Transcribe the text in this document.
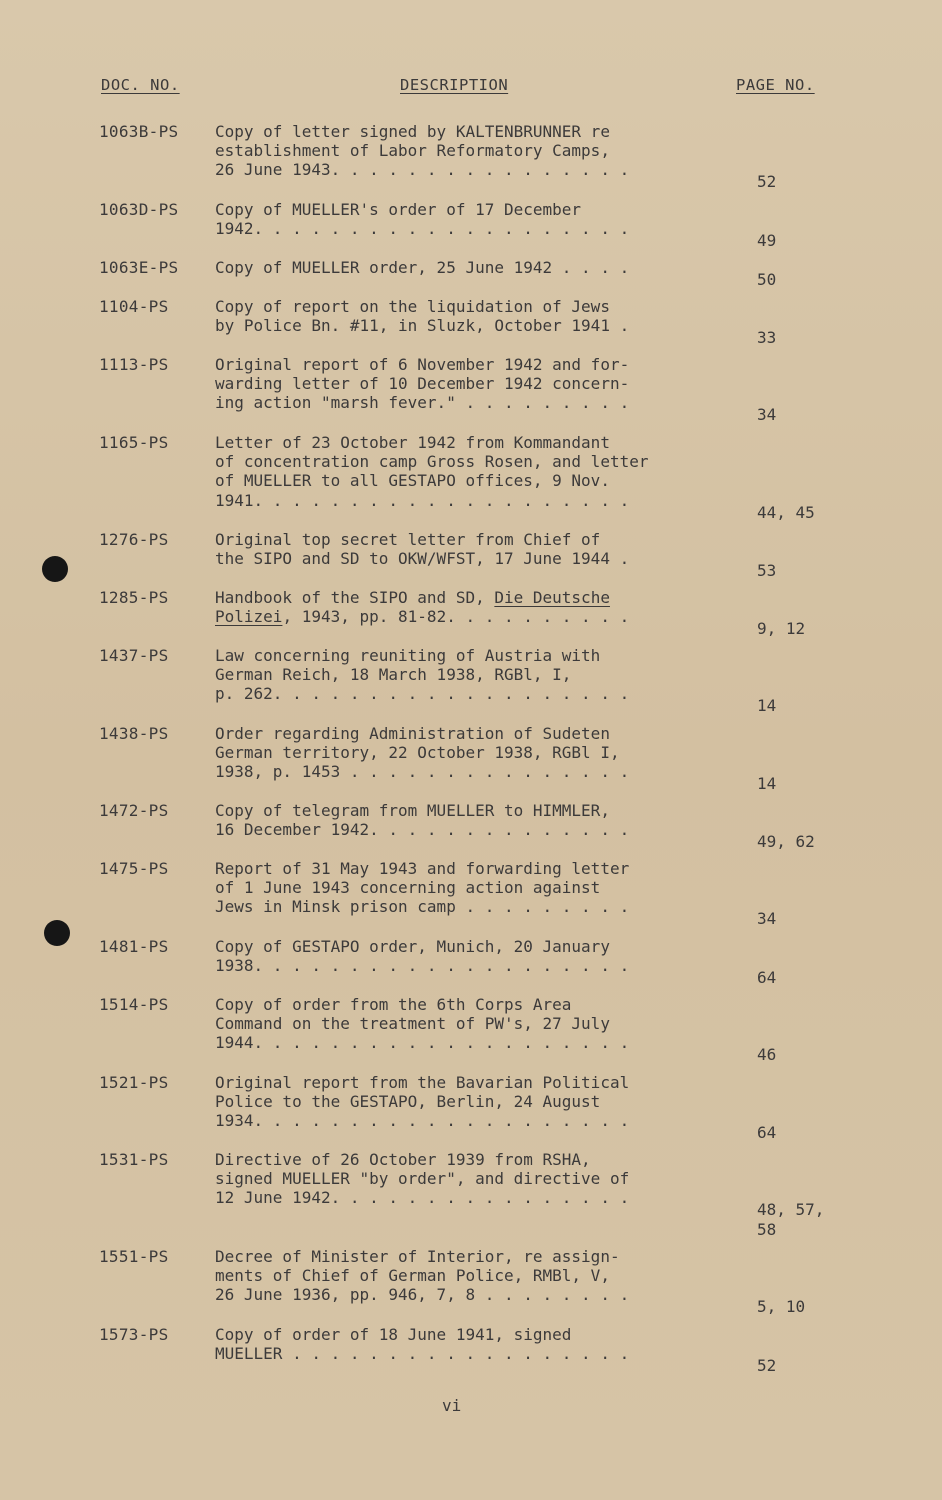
DOC. NO.	DESCRIPTION	PAGE NO.
1063B-PS Copy of letter signed by KALTENBRUNNER re
establishment of Labor Reformatory Camps,
26 June 1943. . . . . . . . . . . . . . . .
52
1063D-PS Copy of MUELLER's order of 17 December
1942. . . . . . . . . . . . . . . . . . . .
49
1063E-PS Copy of MUELLER order, 25 June 1942 . . . .
50
1104-PS	Copy of report on the liquidation of Jews
by Police Bn. #11, in Sluzk, October 1941 .
33
1113-PS	Original report of 6 November 1942 and for-
warding letter of 10 December 1942 concern-
ing action "marsh fever." . . . . . . . . .
34
1165-PS	Letter of 23 October 1942 from Kommandant
of concentration camp Gross Rosen, and letter
of MUELLER to all GESTAPO offices, 9 Nov.
1941. . . . . . . . . . . . . . . . . . . .
44, 45
1276-PS	Original top secret letter from Chief of
the SIPO and SD to OKW/WFST, 17 June 1944 .
53
1285-PS	Handbook of the SIPO and SD, Die Deutsche
Polizei, 1943, pp. 81-82. . . . . . . . . .
9, 12
1437-PS	Law concerning reuniting of Austria with
German Reich, 18 March 1938, RGBl, I,
p. 262. . . . . . . . . . . . . . . . . . .
14
1438-PS	Order regarding Administration of Sudeten
German territory, 22 October 1938, RGBl I,
1938, p. 1453 . . . . . . . . . . . . . . .
14
1472-PS	Copy of telegram from MUELLER to HIMMLER,
16 December 1942. . . . . . . . . . . . . .
49, 62
1475-PS	Report of 31 May 1943 and forwarding letter
of 1 June 1943 concerning action against
Jews in Minsk prison camp . . . . . . . . .
34
1481-PS	Copy of GESTAPO order, Munich, 20 January
1938. . . . . . . . . . . . . . . . . . . .
64
1514-PS	Copy of order from the 6th Corps Area
Command on the treatment of PW's, 27 July
1944. . . . . . . . . . . . . . . . . . . .
46
1521-PS	Original report from the Bavarian Political
Police to the GESTAPO, Berlin, 24 August
1934. . . . . . . . . . . . . . . . . . . .
64
1531-PS	Directive of 26 October 1939 from RSHA,
signed MUELLER "by order", and directive of
12 June 1942. . . . . . . . . . . . . . . .
48, 57,
58
1551-PS	Decree of Minister of Interior, re assign-
ments of Chief of German Police, RMBl, V,
26 June 1936, pp. 946, 7, 8 . . . . . . . .
5, 10
1573-PS	Copy of order of 18 June 1941, signed
MUELLER . . . . . . . . . . . . . . . . . .
52
vi
